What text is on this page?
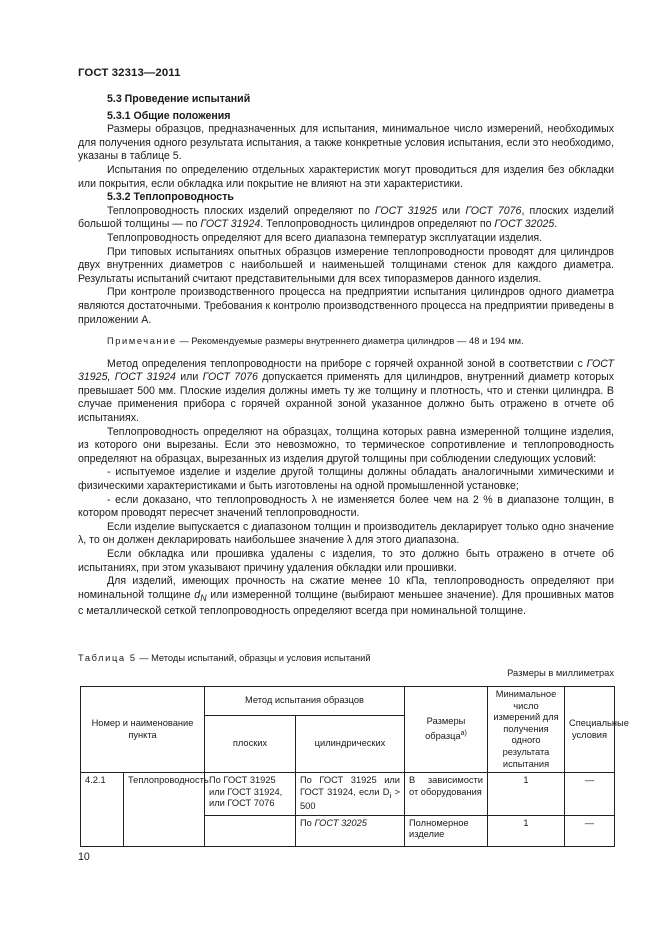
ГОСТ 32313—2011

5.3 Проведение испытаний

5.3.1 Общие положения

Размеры образцов, предназначенных для испытания, минимальное число измерений, необходимых для получения одного результата испытания, а также конкретные условия испытания, если это необходимо, указаны в таблице 5.

Испытания по определению отдельных характеристик могут проводиться для изделия без обкладки или покрытия, если обкладка или покрытие не влияют на эти характеристики.

5.3.2 Теплопроводность

Теплопроводность плоских изделий определяют по ГОСТ 31925 или ГОСТ 7076, плоских изделий большой толщины — по ГОСТ 31924. Теплопроводность цилиндров определяют по ГОСТ 32025.

Теплопроводность определяют для всего диапазона температур эксплуатации изделия.

При типовых испытаниях опытных образцов измерение теплопроводности проводят для цилиндров двух внутренних диаметров с наибольшей и наименьшей толщинами стенок для каждого диаметра. Результаты испытаний считают представительными для всех типоразмеров данного изделия.

При контроле производственного процесса на предприятии испытания цилиндров одного диаметра являются достаточными. Требования к контролю производственного процесса на предприятии приведены в приложении А.

Примечание — Рекомендуемые размеры внутреннего диаметра цилиндров — 48 и 194 мм.

Метод определения теплопроводности на приборе с горячей охранной зоной в соответствии с ГОСТ 31925, ГОСТ 31924 или ГОСТ 7076 допускается применять для цилиндров, внутренний диаметр которых превышает 500 мм. Плоские изделия должны иметь ту же толщину и плотность, что и стенки цилиндра. В случае применения прибора с горячей охранной зоной указанное должно быть отражено в отчете об испытаниях.

Теплопроводность определяют на образцах, толщина которых равна измеренной толщине изделия, из которого они вырезаны. Если это невозможно, то термическое сопротивление и теплопроводность определяют на образцах, вырезанных из изделия другой толщины при соблюдении следующих условий:

- испытуемое изделие и изделие другой толщины должны обладать аналогичными химическими и физическими характеристиками и быть изготовлены на одной промышленной установке;

- если доказано, что теплопроводность λ не изменяется более чем на 2 % в диапазоне толщин, в котором проводят пересчет значений теплопроводности.

Если изделие выпускается с диапазоном толщин и производитель декларирует только одно значение λ, то он должен декларировать наибольшее значение λ для этого диапазона.

Если обкладка или прошивка удалены с изделия, то это должно быть отражено в отчете об испытаниях, при этом указывают причину удаления обкладки или прошивки.

Для изделий, имеющих прочность на сжатие менее 10 кПа, теплопроводность определяют при номинальной толщине $d_N$ или измеренной толщине (выбирают меньшее значение). Для прошивных матов с металлической сеткой теплопроводность определяют всегда при номинальной толщине.

Таблица 5 — Методы испытаний, образцы и условия испытаний
Размеры в миллиметрах
Номер и наименование пункта		Метод испытания образцов		Размеры образца$^{а)}$	Минимальное число измерений для получения одного результата испытания	Специальные условия
		плоских	цилиндрических			
4.2.1	Теплопроводность	По ГОСТ 31925 или ГОСТ 31924, или ГОСТ 7076	По ГОСТ 31925 или ГОСТ 31924, если $D_i > 500$	В зависимости от оборудования	1	—
			По ГОСТ 32025	Полномерное изделие	1	—
10
